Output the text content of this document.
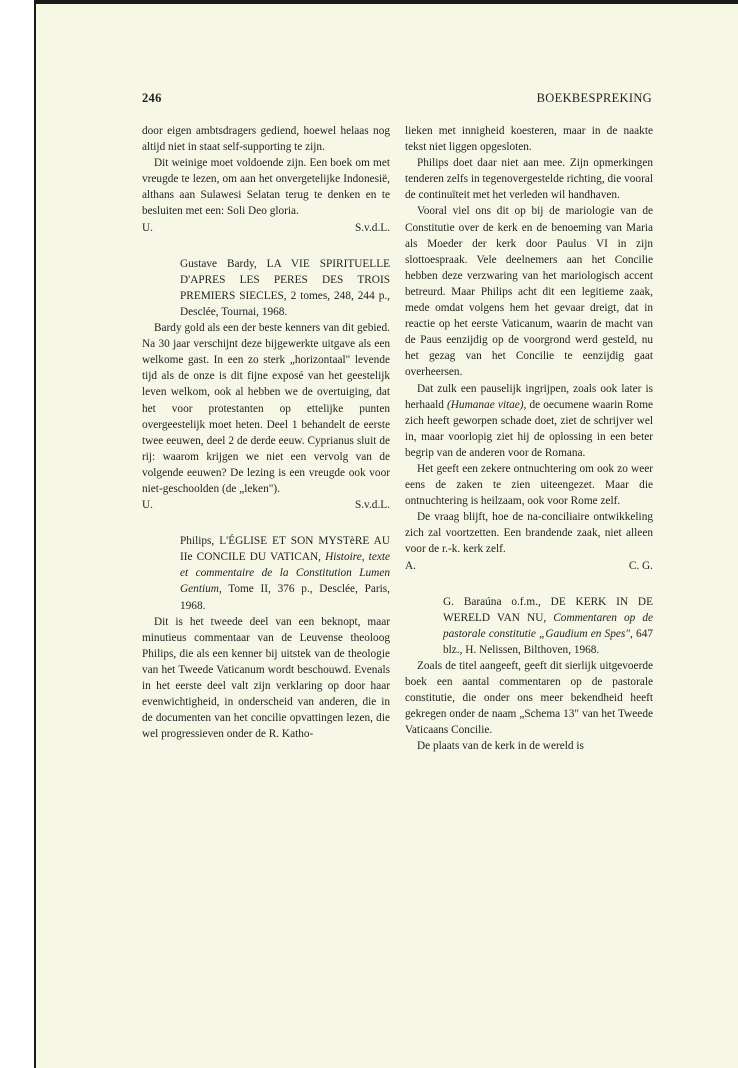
246	BOEKBESPREKING

door eigen ambtsdragers gediend, hoewel helaas nog altijd niet in staat self-supporting te zijn.

Dit weinige moet voldoende zijn. Een boek om met vreugde te lezen, om aan het onvergetelijke Indonesië, althans aan Sulawesi Selatan terug te denken en te besluiten met een: Soli Deo gloria.

U.	S.v.d.L.

Gustave Bardy, LA VIE SPIRITUELLE D'APRES LES PERES DES TROIS PREMIERS SIECLES, 2 tomes, 248, 244 p., Desclée, Tournai, 1968.

Bardy gold als een der beste kenners van dit gebied. Na 30 jaar verschijnt deze bijgewerkte uitgave als een welkome gast. In een zo sterk „horizontaal" levende tijd als de onze is dit fijne exposé van het geestelijk leven welkom, ook al hebben we de overtuiging, dat het voor protestanten op ettelijke punten overgeestelijk moet heten. Deel 1 behandelt de eerste twee eeuwen, deel 2 de derde eeuw. Cyprianus sluit de rij: waarom krijgen we niet een vervolg van de volgende eeuwen? De lezing is een vreugde ook voor niet-geschoolden (de „leken").

U.	S.v.d.L.

Philips, L'ÉGLISE ET SON MYSTèRE AU IIe CONCILE DU VATICAN, Histoire, texte et commentaire de la Constitution Lumen Gentium, Tome II, 376 p., Desclée, Paris, 1968.

Dit is het tweede deel van een beknopt, maar minutieus commentaar van de Leuvense theoloog Philips, die als een kenner bij uitstek van de theologie van het Tweede Vaticanum wordt beschouwd. Evenals in het eerste deel valt zijn verklaring op door haar evenwichtigheid, in onderscheid van anderen, die in de documenten van het concilie opvattingen lezen, die wel progressieven onder de R. Katho-

lieken met innigheid koesteren, maar in de naakte tekst niet liggen opgesloten.

Philips doet daar niet aan mee. Zijn opmerkingen tenderen zelfs in tegenovergestelde richting, die vooral de continuïteit met het verleden wil handhaven.

Vooral viel ons dit op bij de mariologie van de Constitutie over de kerk en de benoeming van Maria als Moeder der kerk door Paulus VI in zijn slottoespraak. Vele deelnemers aan het Concilie hebben deze verzwaring van het mariologisch accent betreurd. Maar Philips acht dit een legitieme zaak, mede omdat volgens hem het gevaar dreigt, dat in reactie op het eerste Vaticanum, waarin de macht van de Paus eenzijdig op de voorgrond werd gesteld, nu het gezag van het Concilie te eenzijdig gaat overheersen.

Dat zulk een pauselijk ingrijpen, zoals ook later is herhaald (Humanae vitae), de oecumene waarin Rome zich heeft geworpen schade doet, ziet de schrijver wel in, maar voorlopig ziet hij de oplossing in een beter begrip van de anderen voor de Romana.

Het geeft een zekere ontnuchtering om ook zo weer eens de zaken te zien uiteengezet. Maar die ontnuchtering is heilzaam, ook voor Rome zelf.

De vraag blijft, hoe de na-conciliaire ontwikkeling zich zal voortzetten. Een brandende zaak, niet alleen voor de r.-k. kerk zelf.

A.	C. G.

G. Baraúna o.f.m., DE KERK IN DE WERELD VAN NU, Commentaren op de pastorale constitutie „Gaudium en Spes", 647 blz., H. Nelissen, Bilthoven, 1968.

Zoals de titel aangeeft, geeft dit sierlijk uitgevoerde boek een aantal commentaren op de pastorale constitutie, die onder ons meer bekendheid heeft gekregen onder de naam „Schema 13" van het Tweede Vaticaans Concilie.

De plaats van de kerk in de wereld is
